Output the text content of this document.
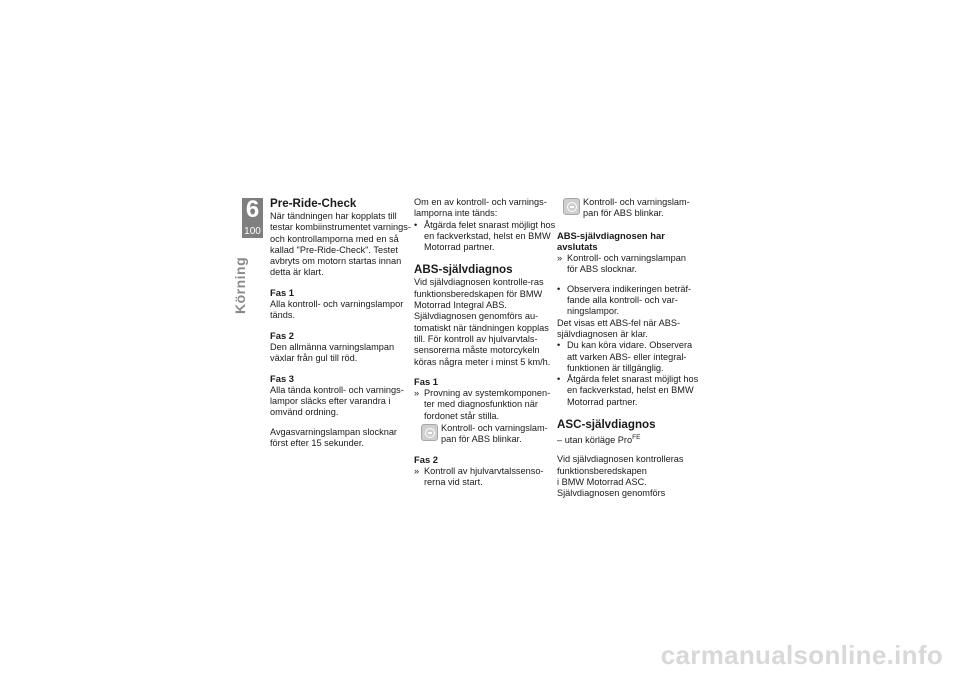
6
100
Körning
Pre-Ride-Check

När tändningen har kopplats till testar kombiinstrumentet varnings- och kontrollamporna med en så kallad "Pre-Ride-Check". Testet avbryts om motorn startas innan detta är klart.

Fas 1

Alla kontroll- och varningslampor tänds.

Fas 2

Den allmänna varningslampan växlar från gul till röd.

Fas 3

Alla tända kontroll- och varnings-lampor släcks efter varandra i omvänd ordning.

Avgasvarningslampan slocknar först efter 15 sekunder.

Om en av kontroll- och varnings-lamporna inte tänds:

• Åtgärda felet snarast möjligt hos en fackverkstad, helst en BMW Motorrad partner.
ABS-självdiagnos

Vid självdiagnosen kontrolle-ras funktionsberedskapen för BMW Motorrad Integral ABS. Självdiagnosen genomförs au-tomatiskt när tändningen kopplas till. För kontroll av hjulvarvtals-sensorerna måste motorcykeln köras några meter i minst 5 km/h.

Fas 1
» Provning av systemkomponen-ter med diagnosfunktion när fordonet står stilla.
Kontroll- och varningslam-pan för ABS blinkar.
Fas 2
» Kontroll av hjulvarvtalssenso-rerna vid start.
Kontroll- och varningslam-pan för ABS blinkar.
ABS-självdiagnosen har avslutats
» Kontroll- och varningslampan för ABS slocknar.
• Observera indikeringen beträf-fande alla kontroll- och var-ningslampor.

Det visas ett ABS-fel när ABS-självdiagnosen är klar.

• Du kan köra vidare. Observera att varken ABS- eller integral-funktionen är tillgänglig.
• Åtgärda felet snarast möjligt hos en fackverkstad, helst en BMW Motorrad partner.
ASC-självdiagnos

– utan körläge Pro$^{FE}$

Vid självdiagnosen kontrolleras funktionsberedskapen

i BMW Motorrad ASC.

Självdiagnosen genomförs

carmanualsonline.info
